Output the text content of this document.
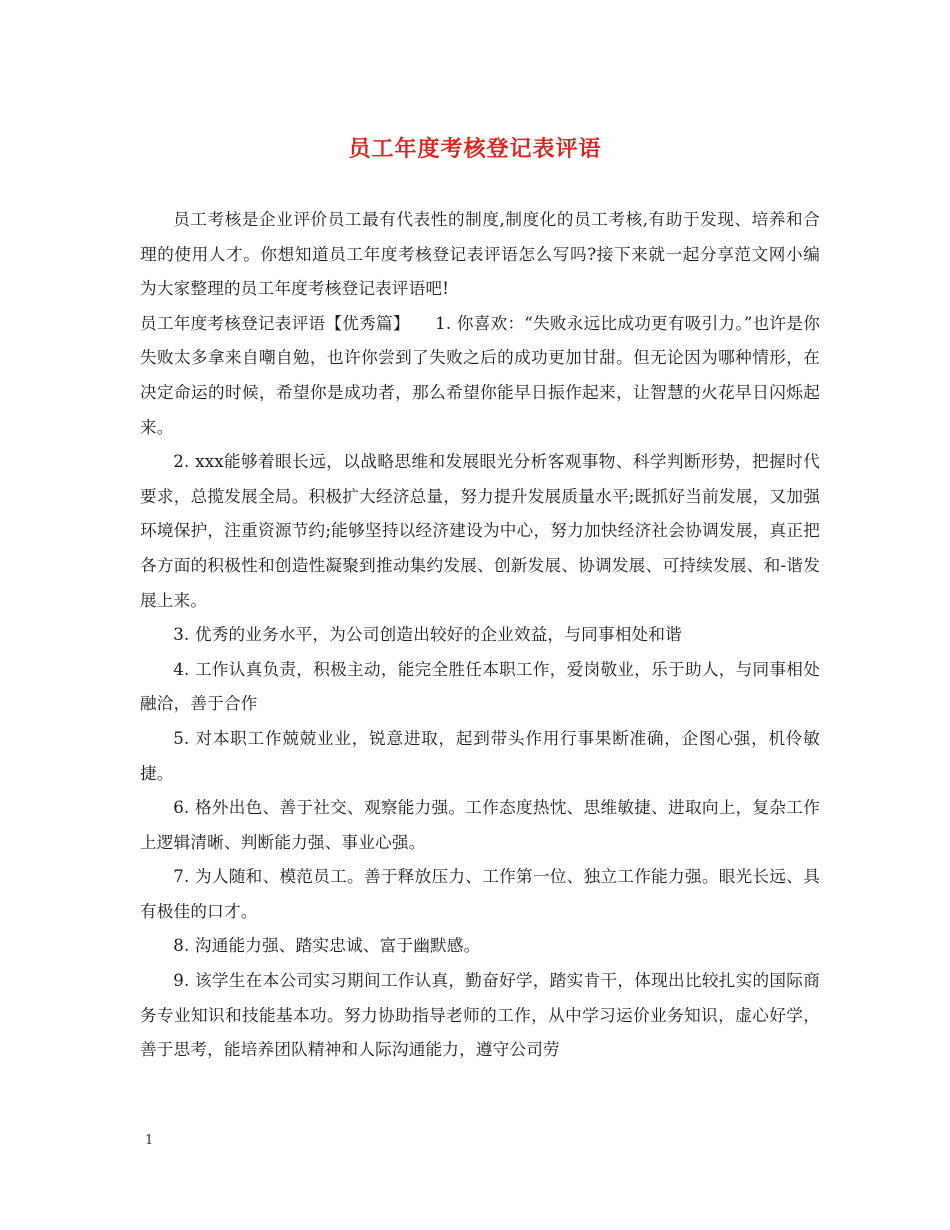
员工年度考核登记表评语

员工考核是企业评价员工最有代表性的制度,制度化的员工考核,有助于发现、培养和合理的使用人才。你想知道员工年度考核登记表评语怎么写吗?接下来就一起分享范文网小编为大家整理的员工年度考核登记表评语吧!

员工年度考核登记表评语【优秀篇】　　1. 你喜欢：“失败永远比成功更有吸引力。”也许是你失败太多拿来自嘲自勉，也许你尝到了失败之后的成功更加甘甜。但无论因为哪种情形，在决定命运的时候，希望你是成功者，那么希望你能早日振作起来，让智慧的火花早日闪烁起来。

2. xxx能够着眼长远，以战略思维和发展眼光分析客观事物、科学判断形势，把握时代要求，总揽发展全局。积极扩大经济总量，努力提升发展质量水平;既抓好当前发展，又加强环境保护，注重资源节约;能够坚持以经济建设为中心，努力加快经济社会协调发展，真正把各方面的积极性和创造性凝聚到推动集约发展、创新发展、协调发展、可持续发展、和-谐发展上来。

3. 优秀的业务水平，为公司创造出较好的企业效益，与同事相处和谐

4. 工作认真负责，积极主动，能完全胜任本职工作，爱岗敬业，乐于助人，与同事相处融洽，善于合作

5. 对本职工作兢兢业业，锐意进取，起到带头作用行事果断准确，企图心强，机伶敏捷。

6. 格外出色、善于社交、观察能力强。工作态度热忱、思维敏捷、进取向上，复杂工作上逻辑清晰、判断能力强、事业心强。

7. 为人随和、模范员工。善于释放压力、工作第一位、独立工作能力强。眼光长远、具有极佳的口才。

8. 沟通能力强、踏实忠诚、富于幽默感。

9. 该学生在本公司实习期间工作认真，勤奋好学，踏实肯干，体现出比较扎实的国际商务专业知识和技能基本功。努力协助指导老师的工作，从中学习运价业务知识，虚心好学，善于思考，能培养团队精神和人际沟通能力，遵守公司劳

1
